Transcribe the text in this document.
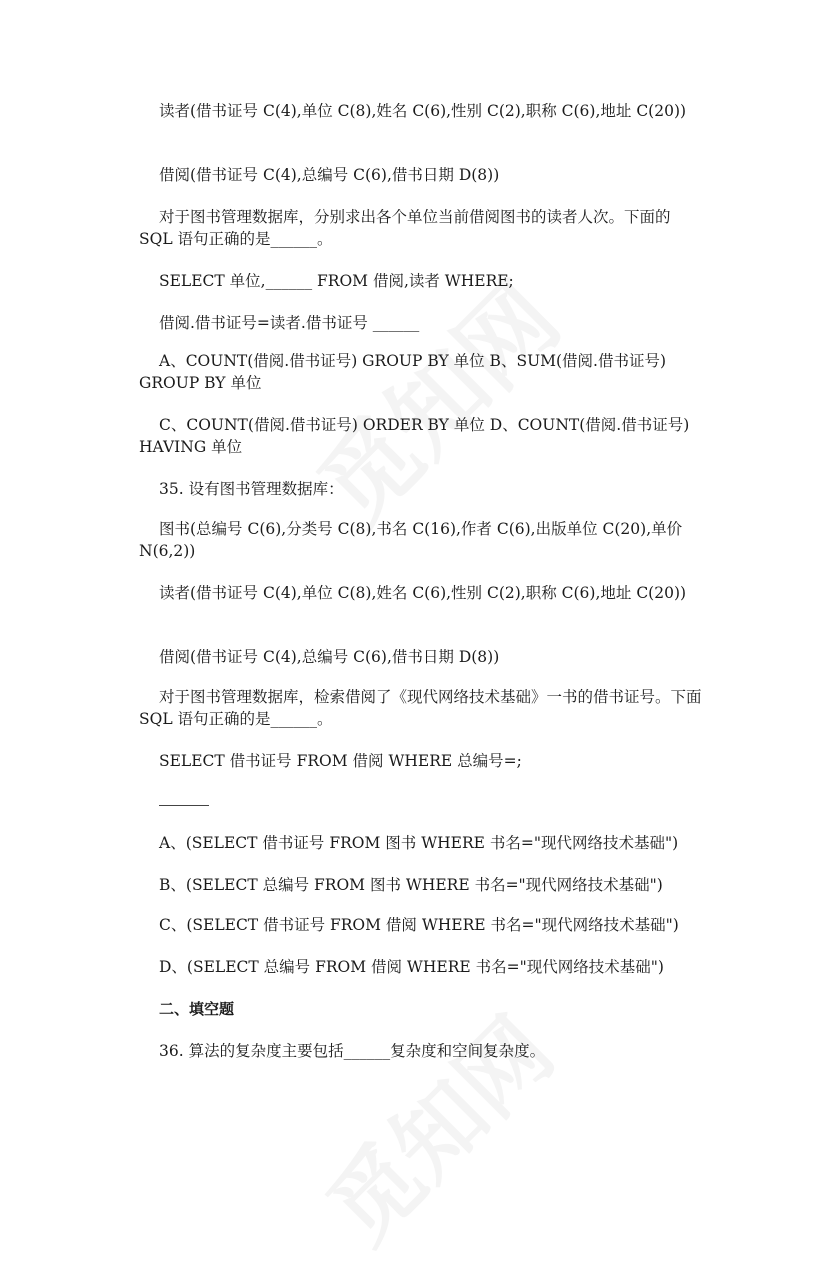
读者(借书证号 C(4),单位 C(8),姓名 C(6),性别 C(2),职称 C(6),地址 C(20))
借阅(借书证号 C(4),总编号 C(6),借书日期 D(8))
对于图书管理数据库，分别求出各个单位当前借阅图书的读者人次。下面的 SQL 语句正确的是______。
SELECT 单位,______ FROM 借阅,读者 WHERE;
借阅.借书证号=读者.借书证号 ______
A、COUNT(借阅.借书证号) GROUP BY 单位 B、SUM(借阅.借书证号) GROUP BY 单位
C、COUNT(借阅.借书证号) ORDER BY 单位 D、COUNT(借阅.借书证号) HAVING 单位
35. 设有图书管理数据库：
图书(总编号 C(6),分类号 C(8),书名 C(16),作者 C(6),出版单位 C(20),单价 N(6,2))
读者(借书证号 C(4),单位 C(8),姓名 C(6),性别 C(2),职称 C(6),地址 C(20))
借阅(借书证号 C(4),总编号 C(6),借书日期 D(8))
对于图书管理数据库，检索借阅了《现代网络技术基础》一书的借书证号。下面 SQL 语句正确的是______。
SELECT 借书证号 FROM 借阅 WHERE 总编号=;
A、(SELECT 借书证号 FROM 图书 WHERE 书名="现代网络技术基础")
B、(SELECT 总编号 FROM 图书 WHERE 书名="现代网络技术基础")
C、(SELECT 借书证号 FROM 借阅 WHERE 书名="现代网络技术基础")
D、(SELECT 总编号 FROM 借阅 WHERE 书名="现代网络技术基础")
二、填空题
36. 算法的复杂度主要包括______复杂度和空间复杂度。
